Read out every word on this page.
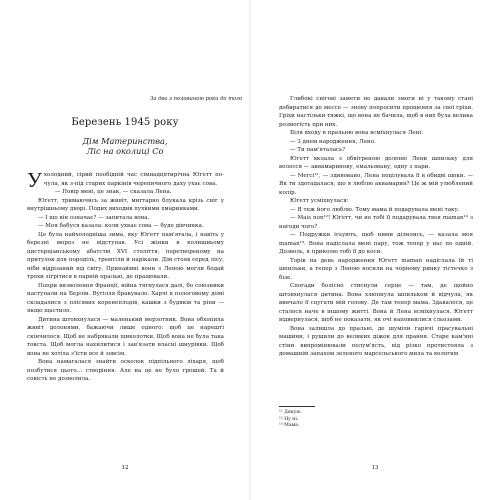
За два з половиною роки до того

Березень 1945 року

Дім Материнства,

Ліс на околиці Сo

У холодний, сірий пообідній час сімнадцятирічна Юґетт по-чула, як з-під старих паркінів черепичного даху ухає сова.

— Повір мені, це знак, — сказала Лена.

Юґетт, тримаючись за живіт, мигтарно блукала крізь сніг у внутрішньому дворі. Подих виходив пухкими хмаринками.

— І що він означає? — запитала вона.

— Моя бабуся казала: коли ухкає сова — буде дівчинка.

Це була найхолодніша зима, яку Юґетт пам'ятала, і навіть у березні мороз не відступав. Усі жінки в колишньому цистерціанському абатстві XVI століття, перетвореному на притулок для породіль, тремтіли й нарікали. Дім стояв серед лісу, ніби відрізаний від світу. Принаймні вони з Леною могли бодай трохи зігрітися в парній пральні, де працювали.

Попри визволення Франції, війна тягнулася далі, бо союзники наступали на Берлін. Вугілля бракувало. Харчі в пологовому домі складалися з плісявих коренеплодів, кашки з будяків та ріпи — якщо щастило.

Дитина штовхнулася — маленький мерзотник. Вона обхопила живіт долонями, бажаючи лише одного: щоб це нарешті скінчилося. Щоб не набрякали щиколотки. Щоб вона не була така товста. Щоб могла нахилитися і зав'язати власні шнурівки. Щоб вона не хотіла з'їсти все й зовсім.

Вона намагалася знайти осколок підпільного ліхаря, щоб позбутися цього… створіння. Але на це не було грошей. Та й совість не дозволила.

12

Глибокі снігові замети не давали змоги ні у такому стані добиратися до мессе — знову попросити прощення за свої гріхи. Гріхи настільки тяжкі, що вона не бачила, щоб в них була велика розмогість при них.

Біля входу в пральню вона всміхнулася Лені:

— З днем народження, Лено.

— Ти пам'яталась?

Юґетт вклала з обвітреною долоню Лени шпильку для волосся — аквамаринову, емальовану, одну з пари.

— Merci¹¹, — здивовано, Лена поцілувала її в обидві щоки. — Як ти здогадалася, що я люблю аквамарин? Це ж мій улюблений колір.

Юґетт усміхнулася:

— Я теж його люблю. Тому мама й подарувала мені таку.

— Mais non¹²! Юґетт, чи не тобі її подарувала твоя maman¹³ з нагоди чого?

— Подружки ісьують, щоб ними ділились, — казала моя maman¹³. Вона надіслала мені пару, тож тепер у нас по одній. Дозволь, я приколю тобі її до коси.

Торік на день народження Юґетт maman надіслала їй ті шпильки, а тепер з Леною носили на чорному ринку тістечко з бізе.

Спогади болісно стиснули серце — там, де щойно штовхнулася дитина. Вона хлюпнула шпильком й відчула, як вивчало її сцугати мій голову. Де там тепер мама. Здавалося, це сталося наче в іншому житті. Вона й Лена всміхнулася. Юґетт відвернулася, щоб не показати, як очі наповнилися сльозами.

Вона залишла до пральні, де шуміли гарячі прасувальні машини, і рушили до великих діжок для прання. Старе кам'яні стіни випромінювали полум'ясть, від різко протистояла з домашнім запахом зеленого марсельського мила та вологим

¹¹ Дякую.
¹² Ну ні.
¹³ Мама.

13
